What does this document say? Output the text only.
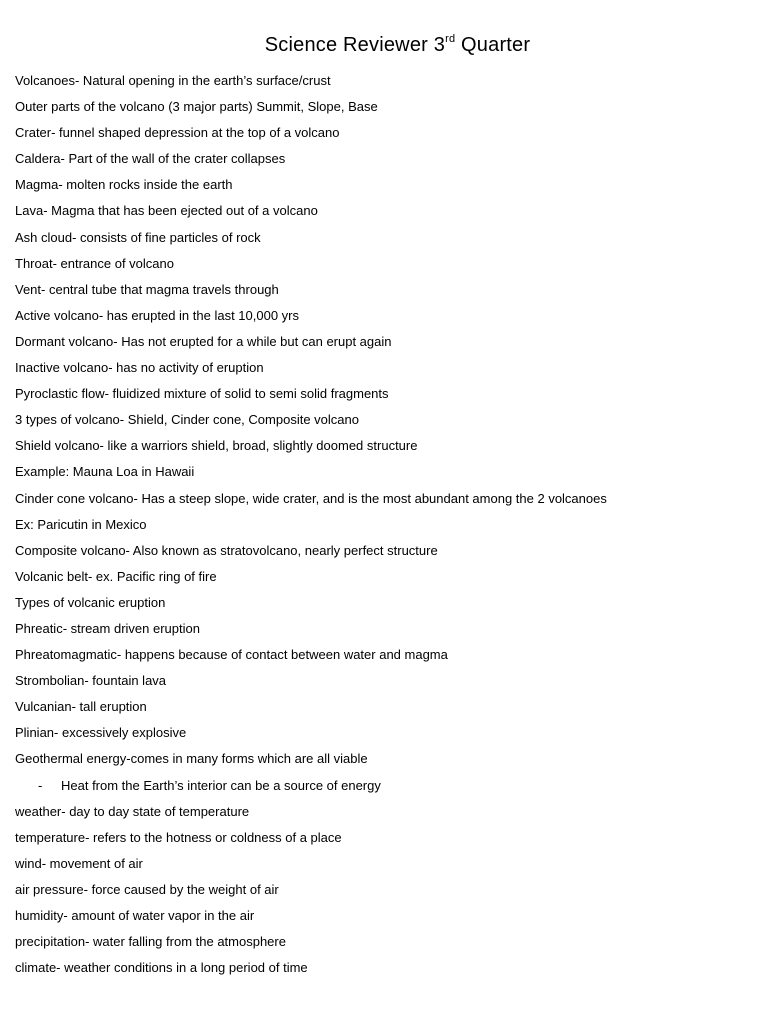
Science Reviewer 3rd Quarter
Volcanoes- Natural opening in the earth’s surface/crust
Outer parts of the volcano (3 major parts) Summit, Slope, Base
Crater- funnel shaped depression at the top of a volcano
Caldera- Part of the wall of the crater collapses
Magma- molten rocks inside the earth
Lava- Magma that has been ejected out of a volcano
Ash cloud- consists of fine particles of rock
Throat- entrance of volcano
Vent- central tube that magma travels through
Active volcano- has erupted in the last 10,000 yrs
Dormant volcano- Has not erupted for a while but can erupt again
Inactive volcano- has no activity of eruption
Pyroclastic flow- fluidized mixture of solid to semi solid fragments
3 types of volcano- Shield, Cinder cone, Composite volcano
Shield volcano- like a warriors shield, broad, slightly doomed structure
Example: Mauna Loa in Hawaii
Cinder cone volcano- Has a steep slope, wide crater, and is the most abundant among the 2 volcanoes
Ex: Paricutin in Mexico
Composite volcano- Also known as stratovolcano, nearly perfect structure
Volcanic belt- ex. Pacific ring of fire
Types of volcanic eruption
Phreatic- stream driven eruption
Phreatomagmatic- happens because of contact between water and magma
Strombolian- fountain lava
Vulcanian- tall eruption
Plinian- excessively explosive
Geothermal energy-comes in many forms which are all viable
- Heat from the Earth’s interior can be a source of energy
weather- day to day state of temperature
temperature- refers to the hotness or coldness of a place
wind- movement of air
air pressure- force caused by the weight of air
humidity- amount of water vapor in the air
precipitation- water falling from the atmosphere
climate- weather conditions in a long period of time
